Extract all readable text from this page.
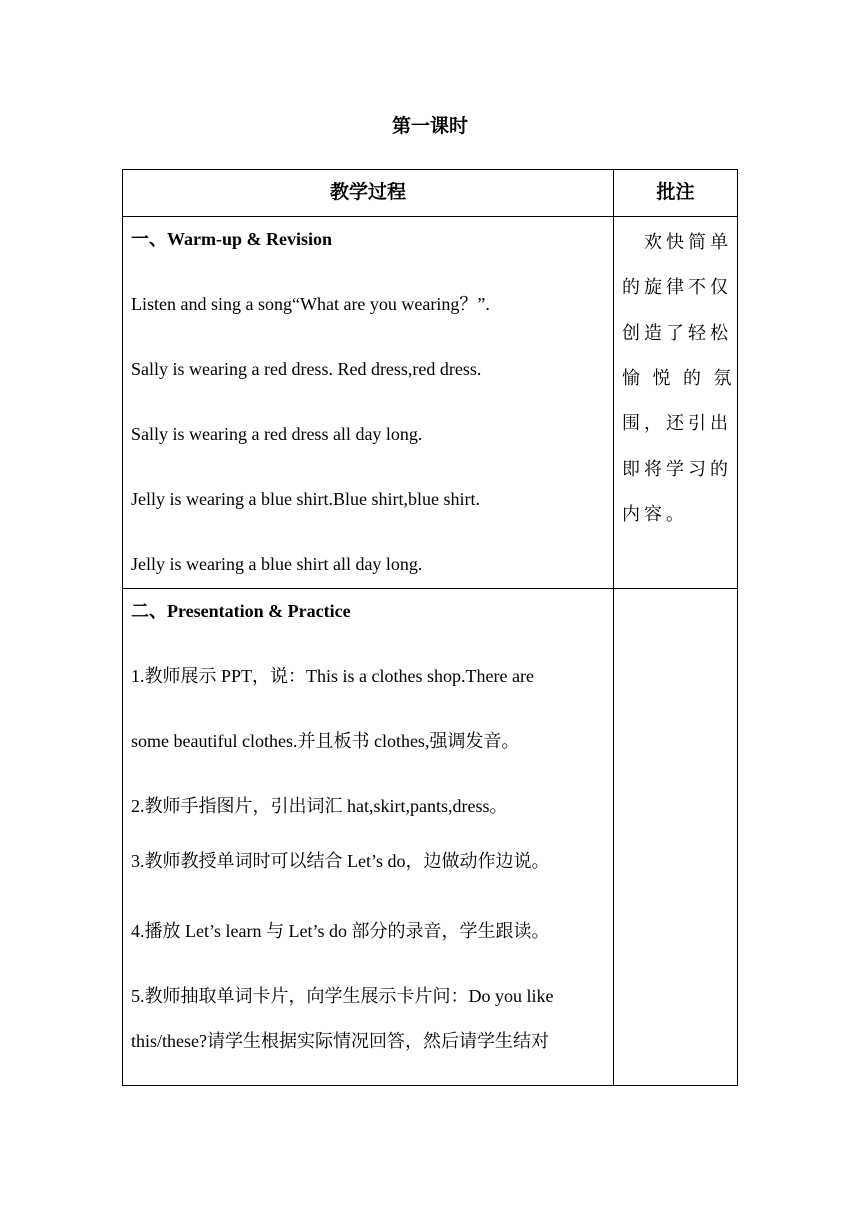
第一课时
教学过程	批注
一、Warm-up & Revision
Listen and sing a song“What are you wearing？”.
Sally is wearing a red dress. Red dress,red dress.
Sally is wearing a red dress all day long.
Jelly is wearing a blue shirt.Blue shirt,blue shirt.
Jelly is wearing a blue shirt all day long.
　欢快简单
的旋律不仅
创造了轻松
愉 悦 的 氛
围，还引出
即将学习的
内容。
二、Presentation & Practice
1.教师展示 PPT，说：This is a clothes shop.There are
some beautiful clothes.并且板书 clothes,强调发音。
2.教师手指图片，引出词汇 hat,skirt,pants,dress。
3.教师教授单词时可以结合 Let’s do，边做动作边说。
4.播放 Let’s learn 与 Let’s do 部分的录音，学生跟读。
5.教师抽取单词卡片，向学生展示卡片问：Do you like
this/these?请学生根据实际情况回答，然后请学生结对
